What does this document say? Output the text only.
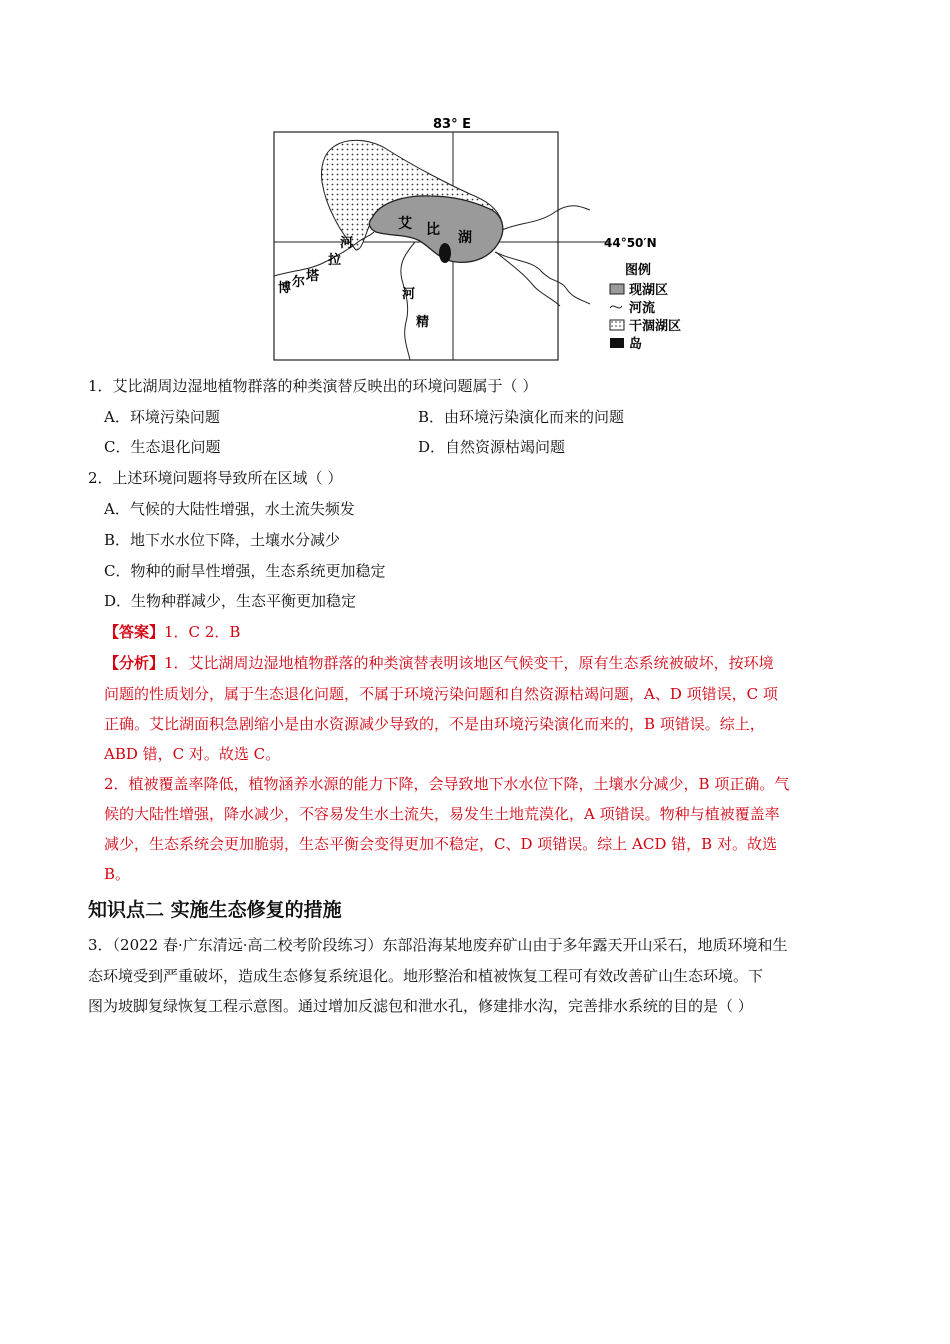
83° E
艾 比 湖
博 尔 塔
拉
河
河
精
44°50′N
图例
现湖区
河流
干涸湖区
岛
1．艾比湖周边湿地植物群落的种类演替反映出的环境问题属于（ ）
A．环境污染问题	B．由环境污染演化而来的问题
C．生态退化问题	D．自然资源枯竭问题
2．上述环境问题将导致所在区域（ ）
A．气候的大陆性增强，水土流失频发
B．地下水水位下降，土壤水分减少
C．物种的耐旱性增强，生态系统更加稳定
D．生物种群减少，生态平衡更加稳定
【答案】1．C 2．B
【分析】1．艾比湖周边湿地植物群落的种类演替表明该地区气候变干，原有生态系统被破坏，按环境
问题的性质划分，属于生态退化问题，不属于环境污染问题和自然资源枯竭问题，A、D 项错误，C 项
正确。艾比湖面积急剧缩小是由水资源减少导致的，不是由环境污染演化而来的，B 项错误。综上，
ABD 错，C 对。故选 C。
2．植被覆盖率降低，植物涵养水源的能力下降，会导致地下水水位下降，土壤水分减少，B 项正确。气
候的大陆性增强，降水减少，不容易发生水土流失，易发生土地荒漠化，A 项错误。物种与植被覆盖率
减少，生态系统会更加脆弱，生态平衡会变得更加不稳定，C、D 项错误。综上 ACD 错，B 对。故选
B。
知识点二 实施生态修复的措施
3．（2022 春·广东清远·高二校考阶段练习）东部沿海某地废弃矿山由于多年露天开山采石，地质环境和生
态环境受到严重破坏，造成生态修复系统退化。地形整治和植被恢复工程可有效改善矿山生态环境。下
图为坡脚复绿恢复工程示意图。通过增加反滤包和泄水孔，修建排水沟，完善排水系统的目的是（ ）
